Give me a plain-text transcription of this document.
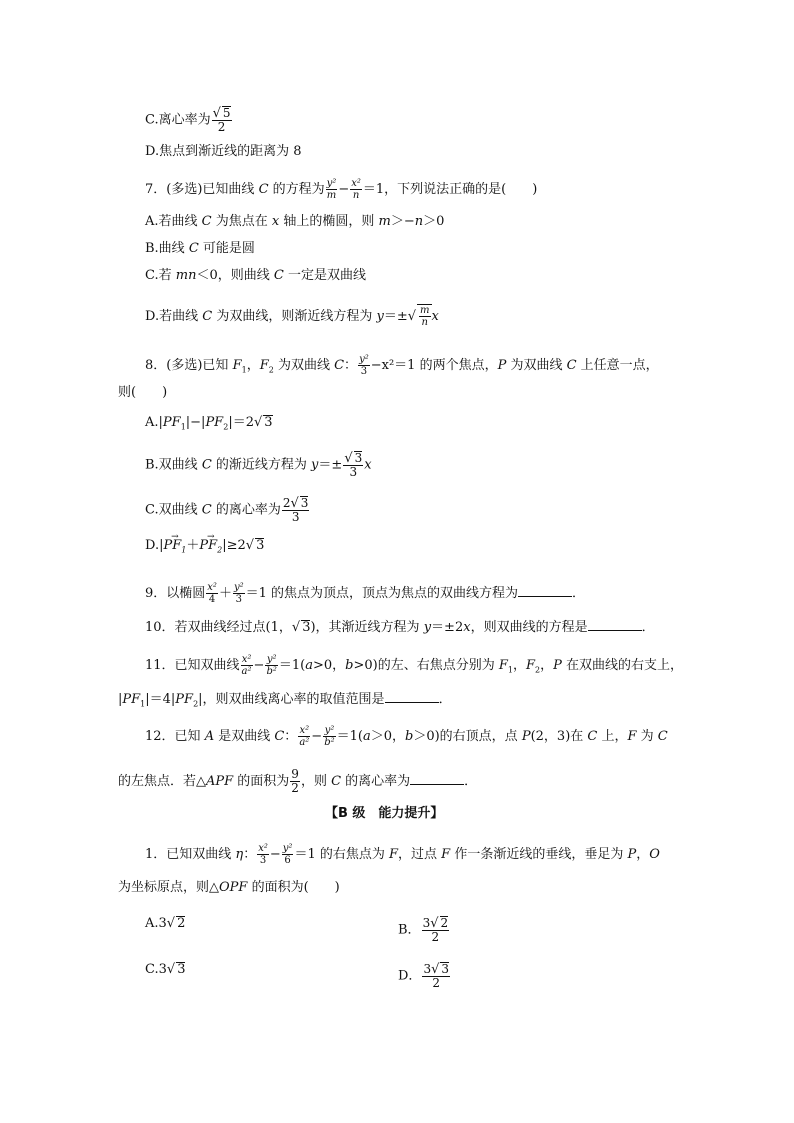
C.离心率为 $\frac{√ 5}{2}$
D.焦点到渐近线的距离为 8
7．(多选)已知曲线 C 的方程为 $\frac{\text{y²}}{m} - \frac{\text{x²}}{n} =1$，下列说法正确的是(　　)
A.若曲线 C 为焦点在 x 轴上的椭圆，则 m＞−n＞0
B.曲线 C 可能是圆
C.若 mn＜0，则曲线 C 一定是双曲线
D.若曲线 C 为双曲线，则渐近线方程为 $y=\pm√ \frac{m}{n}$ x
8．(多选)已知 $F_1$，$F_2$ 为双曲线 C： $\frac{\text{y²}}{3} -x^2=1$ 的两个焦点，P 为双曲线 C 上任意一点，
则(　　)
$A.|PF_1|-|PF_2|=2√$ 3
B.双曲线 C 的渐近线方程为 $y=\pm \frac{√ 3}{3}$ x
C.双曲线 C 的离心率为 $\frac{2√ 3}{3}$
$D.|\to PF_1+\to PF_2|\ge 2√$ 3
9．以椭圆 $\frac{\text{x²}}{4} + \frac{\text{y²}}{3} =1$ 的焦点为顶点，顶点为焦点的双曲线方程为	．
10．若双曲线经过点(1，√ 3)，其渐近线方程为 y＝±2x，则双曲线的方程是	．
11．已知双曲线 $\frac{\text{x²}}{\text{a²}} - \frac{\text{y²}}{\text{b²}} =1(a>0$，b>0)的左、右焦点分别为 $F_1$，$F_2$，P 在双曲线的右支上，
$|PF_1|=4|PF_2|$，则双曲线离心率的取值范围是	．
12．已知 A 是双曲线 C： $\frac{\text{x²}}{\text{a²}} - \frac{\text{y²}}{\text{b²}} =1(a>0$，b＞0)的右顶点，点 P(2，3)在 C 上，F 为 C
的左焦点．若△APF 的面积为 $\frac{9}{2}$ ，则 C 的离心率为	．
【B 级　能力提升】
1．已知双曲线 η： $\frac{\text{x²}}{3} - \frac{\text{y²}}{6} =1$ 的右焦点为 F，过点 F 作一条渐近线的垂线，垂足为 P，O
为坐标原点，则△OPF 的面积为(　　)
A.3√ 2	B． $\frac{3√ 2}{2}$
C.3√ 3	D． $\frac{3√ 3}{2}$
